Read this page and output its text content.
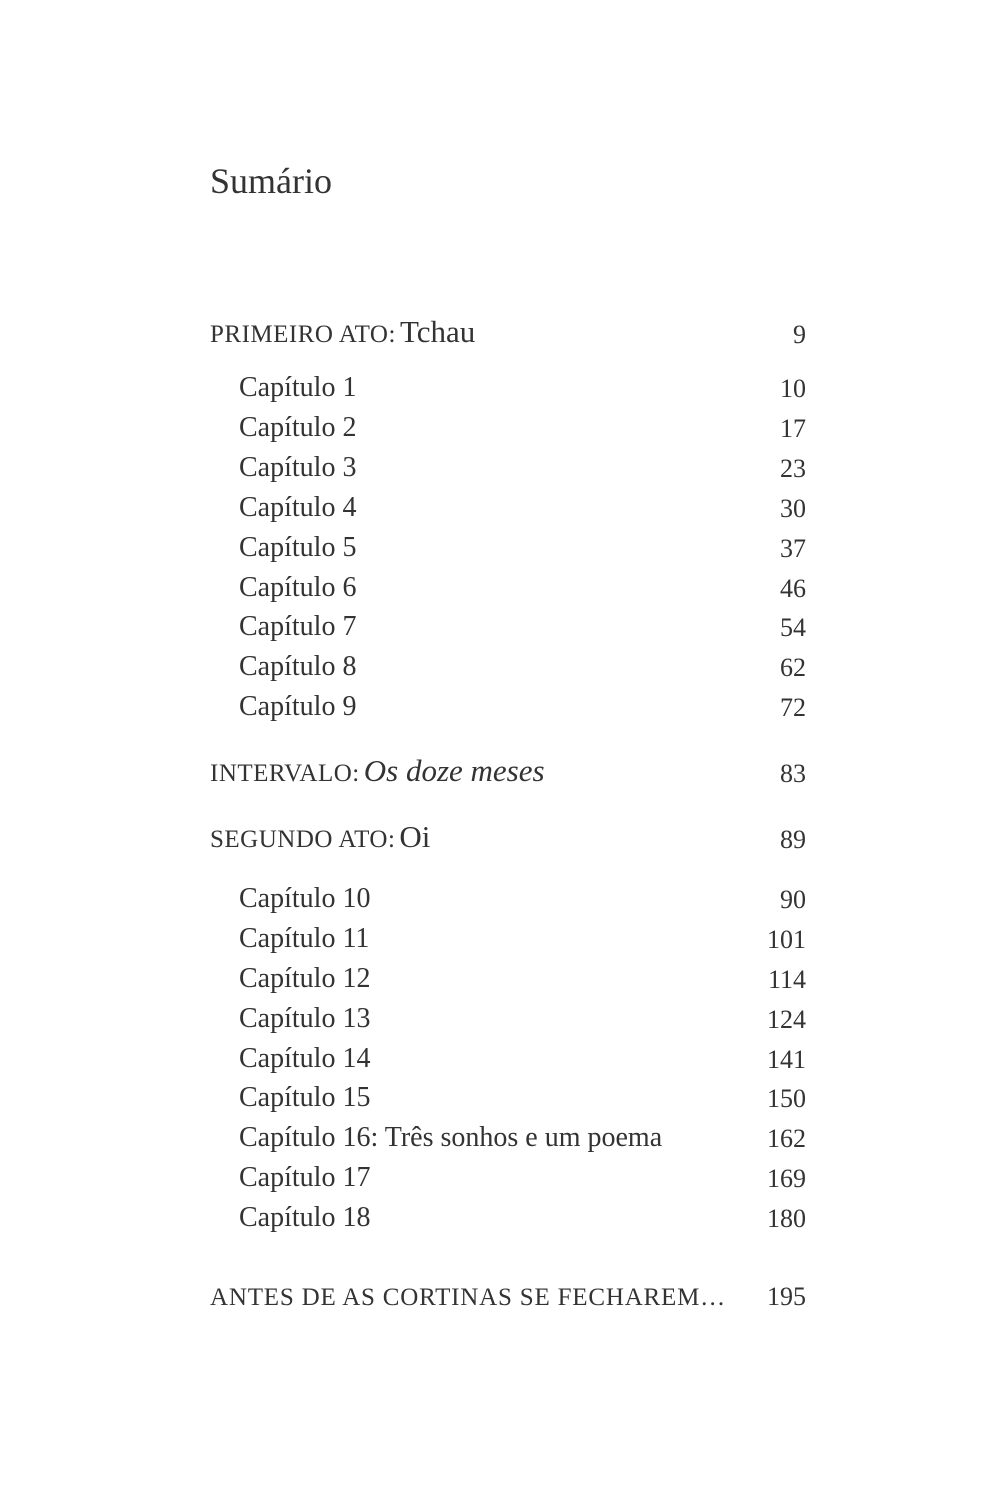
Sumário
PRIMEIRO ATO: Tchau	9
Capítulo 1	10
Capítulo 2	17
Capítulo 3	23
Capítulo 4	30
Capítulo 5	37
Capítulo 6	46
Capítulo 7	54
Capítulo 8	62
Capítulo 9	72
INTERVALO: Os doze meses	83
SEGUNDO ATO: Oi	89
Capítulo 10	90
Capítulo 11	101
Capítulo 12	114
Capítulo 13	124
Capítulo 14	141
Capítulo 15	150
Capítulo 16: Três sonhos e um poema	162
Capítulo 17	169
Capítulo 18	180
ANTES DE AS CORTINAS SE FECHAREM… 195
